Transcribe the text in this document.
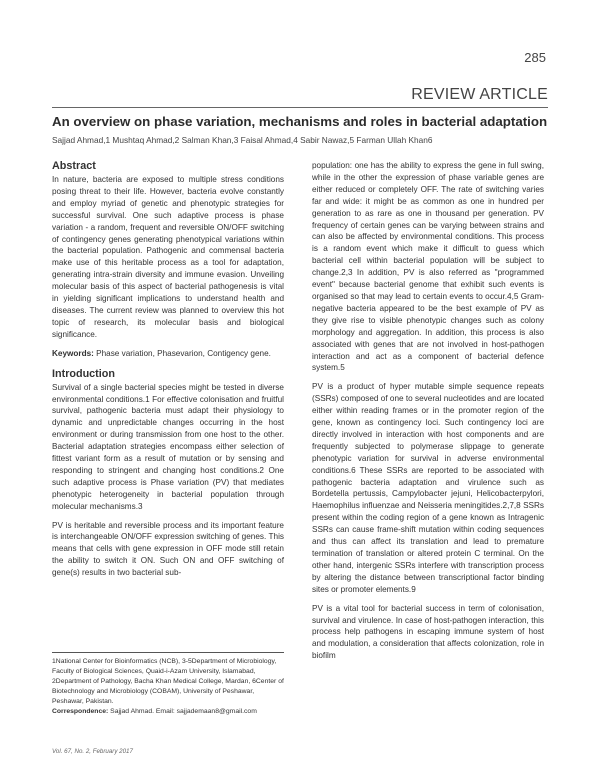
285
REVIEW ARTICLE
An overview on phase variation, mechanisms and roles in bacterial adaptation
Sajjad Ahmad,1 Mushtaq Ahmad,2 Salman Khan,3 Faisal Ahmad,4 Sabir Nawaz,5 Farman Ullah Khan6
Abstract

In nature, bacteria are exposed to multiple stress conditions posing threat to their life. However, bacteria evolve constantly and employ myriad of genetic and phenotypic strategies for successful survival. One such adaptive process is phase variation - a random, frequent and reversible ON/OFF switching of contingency genes generating phenotypical variations within the bacterial population. Pathogenic and commensal bacteria make use of this heritable process as a tool for adaptation, generating intra-strain diversity and immune evasion. Unveiling molecular basis of this aspect of bacterial pathogenesis is vital in yielding significant implications to understand health and diseases. The current review was planned to overview this hot topic of research, its molecular basis and biological significance.

Keywords: Phase variation, Phasevarion, Contigency gene.

Introduction

Survival of a single bacterial species might be tested in diverse environmental conditions.1 For effective colonisation and fruitful survival, pathogenic bacteria must adapt their physiology to dynamic and unpredictable changes occurring in the host environment or during transmission from one host to the other. Bacterial adaptation strategies encompass either selection of fittest variant form as a result of mutation or by sensing and responding to stringent and changing host conditions.2 One such adaptive process is Phase variation (PV) that mediates phenotypic heterogeneity in bacterial population through molecular mechanisms.3

PV is heritable and reversible process and its important feature is interchangeable ON/OFF expression switching of genes. This means that cells with gene expression in OFF mode still retain the ability to switch it ON. Such ON and OFF switching of gene(s) results in two bacterial sub-

population: one has the ability to express the gene in full swing, while in the other the expression of phase variable genes are either reduced or completely OFF. The rate of switching varies far and wide: it might be as common as one in hundred per generation to as rare as one in thousand per generation. PV frequency of certain genes can be varying between strains and can also be affected by environmental conditions. This process is a random event which make it difficult to guess which bacterial cell within bacterial population will be subject to change.2,3 In addition, PV is also referred as "programmed event" because bacterial genome that exhibit such events is organised so that may lead to certain events to occur.4,5 Gram-negative bacteria appeared to be the best example of PV as they give rise to visible phenotypic changes such as colony morphology and aggregation. In addition, this process is also associated with genes that are not involved in host-pathogen interaction and act as a component of bacterial defence system.5

PV is a product of hyper mutable simple sequence repeats (SSRs) composed of one to several nucleotides and are located either within reading frames or in the promoter region of the gene, known as contingency loci. Such contingency loci are directly involved in interaction with host components and are frequently subjected to polymerase slippage to generate phenotypic variation for survival in adverse environmental conditions.6 These SSRs are reported to be associated with pathogenic bacteria adaptation and virulence such as Bordetella pertussis, Campylobacter jejuni, Helicobacterpylori, Haemophilus influenzae and Neisseria meningitides.2,7,8 SSRs present within the coding region of a gene known as Intragenic SSRs can cause frame-shift mutation within coding sequences and thus can affect its translation and lead to premature termination of translation or altered protein C terminal. On the other hand, intergenic SSRs interfere with transcription process by altering the distance between transcriptional factor binding sites or promoter elements.9

PV is a vital tool for bacterial success in term of colonisation, survival and virulence. In case of host-pathogen interaction, this process help pathogens in escaping immune system of host and modulation, a consideration that affects colonization, role in biofilm

1National Center for Bioinformatics (NCB), 3-5Department of Microbiology, Faculty of Biological Sciences, Quaid-i-Azam University, Islamabad, 2Department of Pathology, Bacha Khan Medical College, Mardan, 6Center of Biotechnology and Microbiology (COBAM), University of Peshawar, Peshawar, Pakistan.
Correspondence: Sajjad Ahmad. Email: sajjademaan8@gmail.com
Vol. 67, No. 2, February 2017
